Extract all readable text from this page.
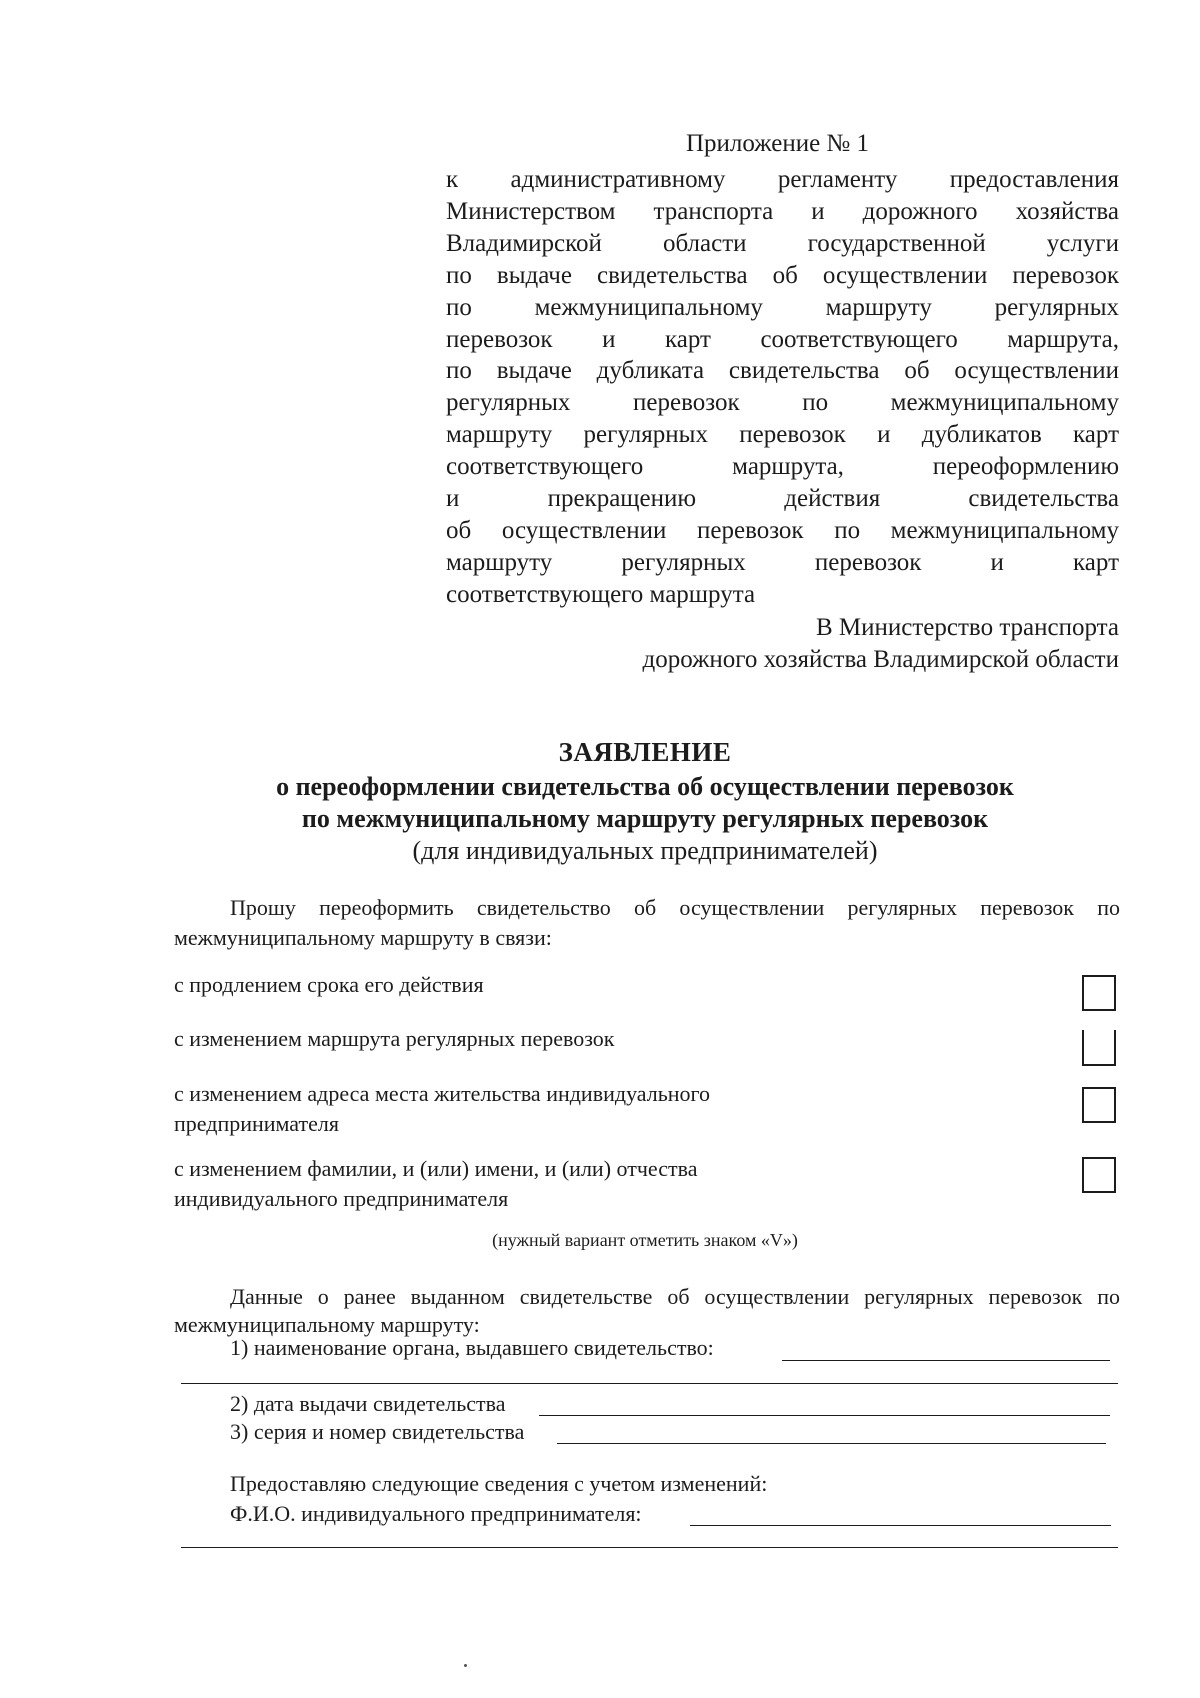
Приложение № 1
к административному регламенту предоставления
Министерством транспорта и дорожного хозяйства
Владимирской области государственной услуги
по выдаче свидетельства об осуществлении перевозок
по межмуниципальному маршруту регулярных
перевозок и карт соответствующего маршрута,
по выдаче дубликата свидетельства об осуществлении
регулярных перевозок по межмуниципальному
маршруту регулярных перевозок и дубликатов карт
соответствующего маршрута, переоформлению
и прекращению действия свидетельства
об осуществлении перевозок по межмуниципальному
маршруту регулярных перевозок и карт
соответствующего маршрута
В Министерство транспорта
дорожного хозяйства Владимирской области
ЗАЯВЛЕНИЕ
о переоформлении свидетельства об осуществлении перевозок
по межмуниципальному маршруту регулярных перевозок
(для индивидуальных предпринимателей)
Прошу переоформить свидетельство об осуществлении регулярных перевозок по межмуниципальному маршруту в связи:
с продлением срока его действия
с изменением маршрута регулярных перевозок
с изменением адреса места жительства индивидуального предпринимателя
с изменением фамилии, и (или) имени, и (или) отчества индивидуального предпринимателя
(нужный вариант отметить знаком «V»)
Данные о ранее выданном свидетельстве об осуществлении регулярных перевозок по межмуниципальному маршруту:
1) наименование органа, выдавшего свидетельство:
2) дата выдачи свидетельства
3) серия и номер свидетельства
Предоставляю следующие сведения с учетом изменений:
Ф.И.О. индивидуального предпринимателя:
